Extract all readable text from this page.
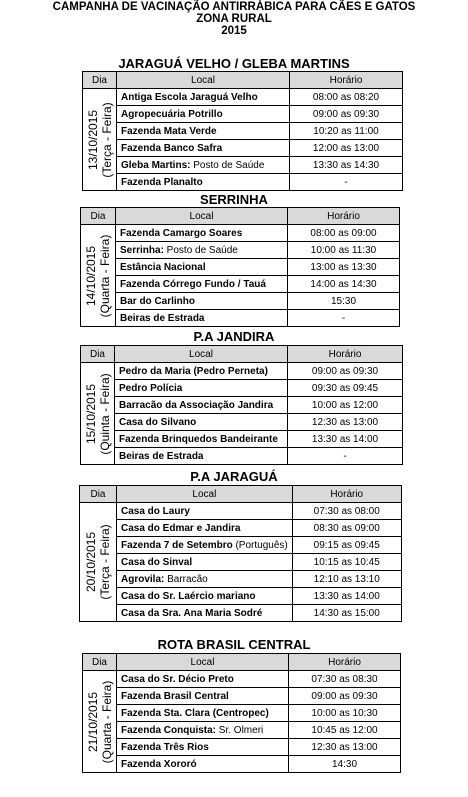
CAMPANHA DE VACINAÇÃO ANTIRRÁBICA PARA CÃES E GATOS
ZONA RURAL
2015
JARAGUÁ VELHO / GLEBA MARTINS
Dia	Local	Horário

13/10/2015 (Terça - Feira)	Antiga Escola Jaraguá Velho	08:00 as 08:20
	Agropecuária Potrillo	09:00 as 09:30
	Fazenda Mata Verde	10:20 as 11:00
	Fazenda Banco Safra	12:00 as 13:00
	Gleba Martins: Posto de Saúde	13:30 as 14:30
	Fazenda Planalto	-
SERRINHA
Dia	Local	Horário

14/10/2015 (Quarta - Feira)	Fazenda Camargo Soares	08:00 as 09:00
	Serrinha: Posto de Saúde	10:00 as 11:30
	Estância Nacional	13:00 as 13:30
	Fazenda Córrego Fundo / Tauá	14:00 as 14:30
	Bar do Carlinho	15:30
	Beiras de Estrada	-
P.A JANDIRA
Dia	Local	Horário

15/10/2015 (Quinta - Feira)	Pedro da Maria (Pedro Perneta)	09:00 as 09:30
	Pedro Polícia	09:30 as 09:45
	Barracão da Associação Jandira	10:00 as 12:00
	Casa do Silvano	12:30 as 13:00
	Fazenda Brinquedos Bandeirante	13:30 as 14:00
	Beiras de Estrada	-
P.A JARAGUÁ
Dia	Local	Horário

20/10/2015 (Terça - Feira)	Casa do Laury	07:30 as 08:00
	Casa do Edmar e Jandira	08:30 as 09:00
	Fazenda 7 de Setembro (Português)	09:15 as 09:45
	Casa do Sinval	10:15 as 10:45
	Agrovila: Barracão	12:10 as 13:10
	Casa do Sr. Laércio mariano	13:30 as 14:00
	Casa da Sra. Ana Maria Sodré	14:30 as 15:00
ROTA BRASIL CENTRAL
Dia	Local	Horário

21/10/2015 (Quarta - Feira)	Casa do Sr. Décio Preto	07:30 as 08:30
	Fazenda Brasil Central	09:00 as 09:30
	Fazenda Sta. Clara (Centropec)	10:00 as 10:30
	Fazenda Conquista: Sr. Olmeri	10:45 as 12:00
	Fazenda Três Rios	12:30 as 13:00
	Fazenda Xororó	14:30
